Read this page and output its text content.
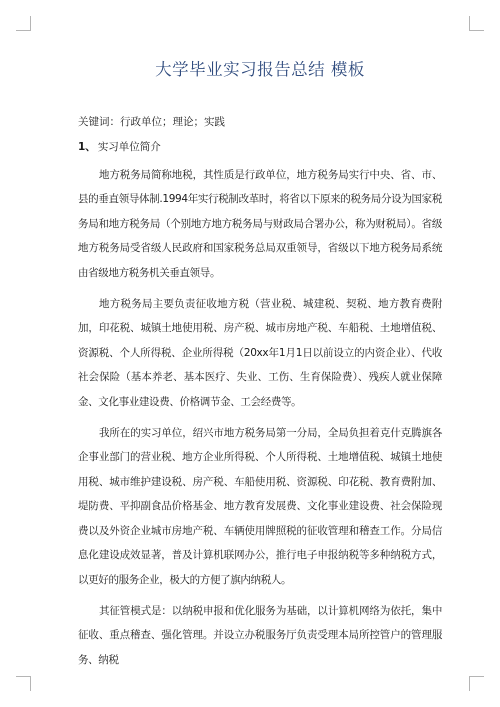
大学毕业实习报告总结 模板
关键词：行政单位；理论；实践
1、 实习单位简介

地方税务局简称地税，其性质是行政单位，地方税务局实行中央、省、市、县的垂直领导体制.1994年实行税制改革时，将省以下原来的税务局分设为国家税务局和地方税务局（个别地方地方税务局与财政局合署办公，称为财税局）。省级地方税务局受省级人民政府和国家税务总局双重领导，省级以下地方税务局系统由省级地方税务机关垂直领导。

地方税务局主要负责征收地方税（营业税、城建税、契税、地方教育费附加，印花税、城镇土地使用税、房产税、城市房地产税、车船税、土地增值税、资源税、个人所得税、企业所得税（20xx年1月1日以前设立的内资企业）、代收社会保险（基本养老、基本医疗、失业、工伤、生育保险费）、残疾人就业保障金、文化事业建设费、价格调节金、工会经费等。

我所在的实习单位，绍兴市地方税务局第一分局，全局负担着克什克腾旗各企事业部门的营业税、地方企业所得税、个人所得税、土地增值税、城镇土地使用税、城市维护建设税、房产税、车船使用税、资源税、印花税、教育费附加、堤防费、平抑副食品价格基金、地方教育发展费、文化事业建设费、社会保险现费以及外资企业城市房地产税、车辆使用牌照税的征收管理和稽查工作。分局信息化建设成效显著，普及计算机联网办公，推行电子申报纳税等多种纳税方式，以更好的服务企业，极大的方便了旗内纳税人。

其征管模式是：以纳税申报和优化服务为基础，以计算机网络为依托，集中征收、重点稽查、强化管理。并设立办税服务厅负责受理本局所控管户的管理服务、纳税
